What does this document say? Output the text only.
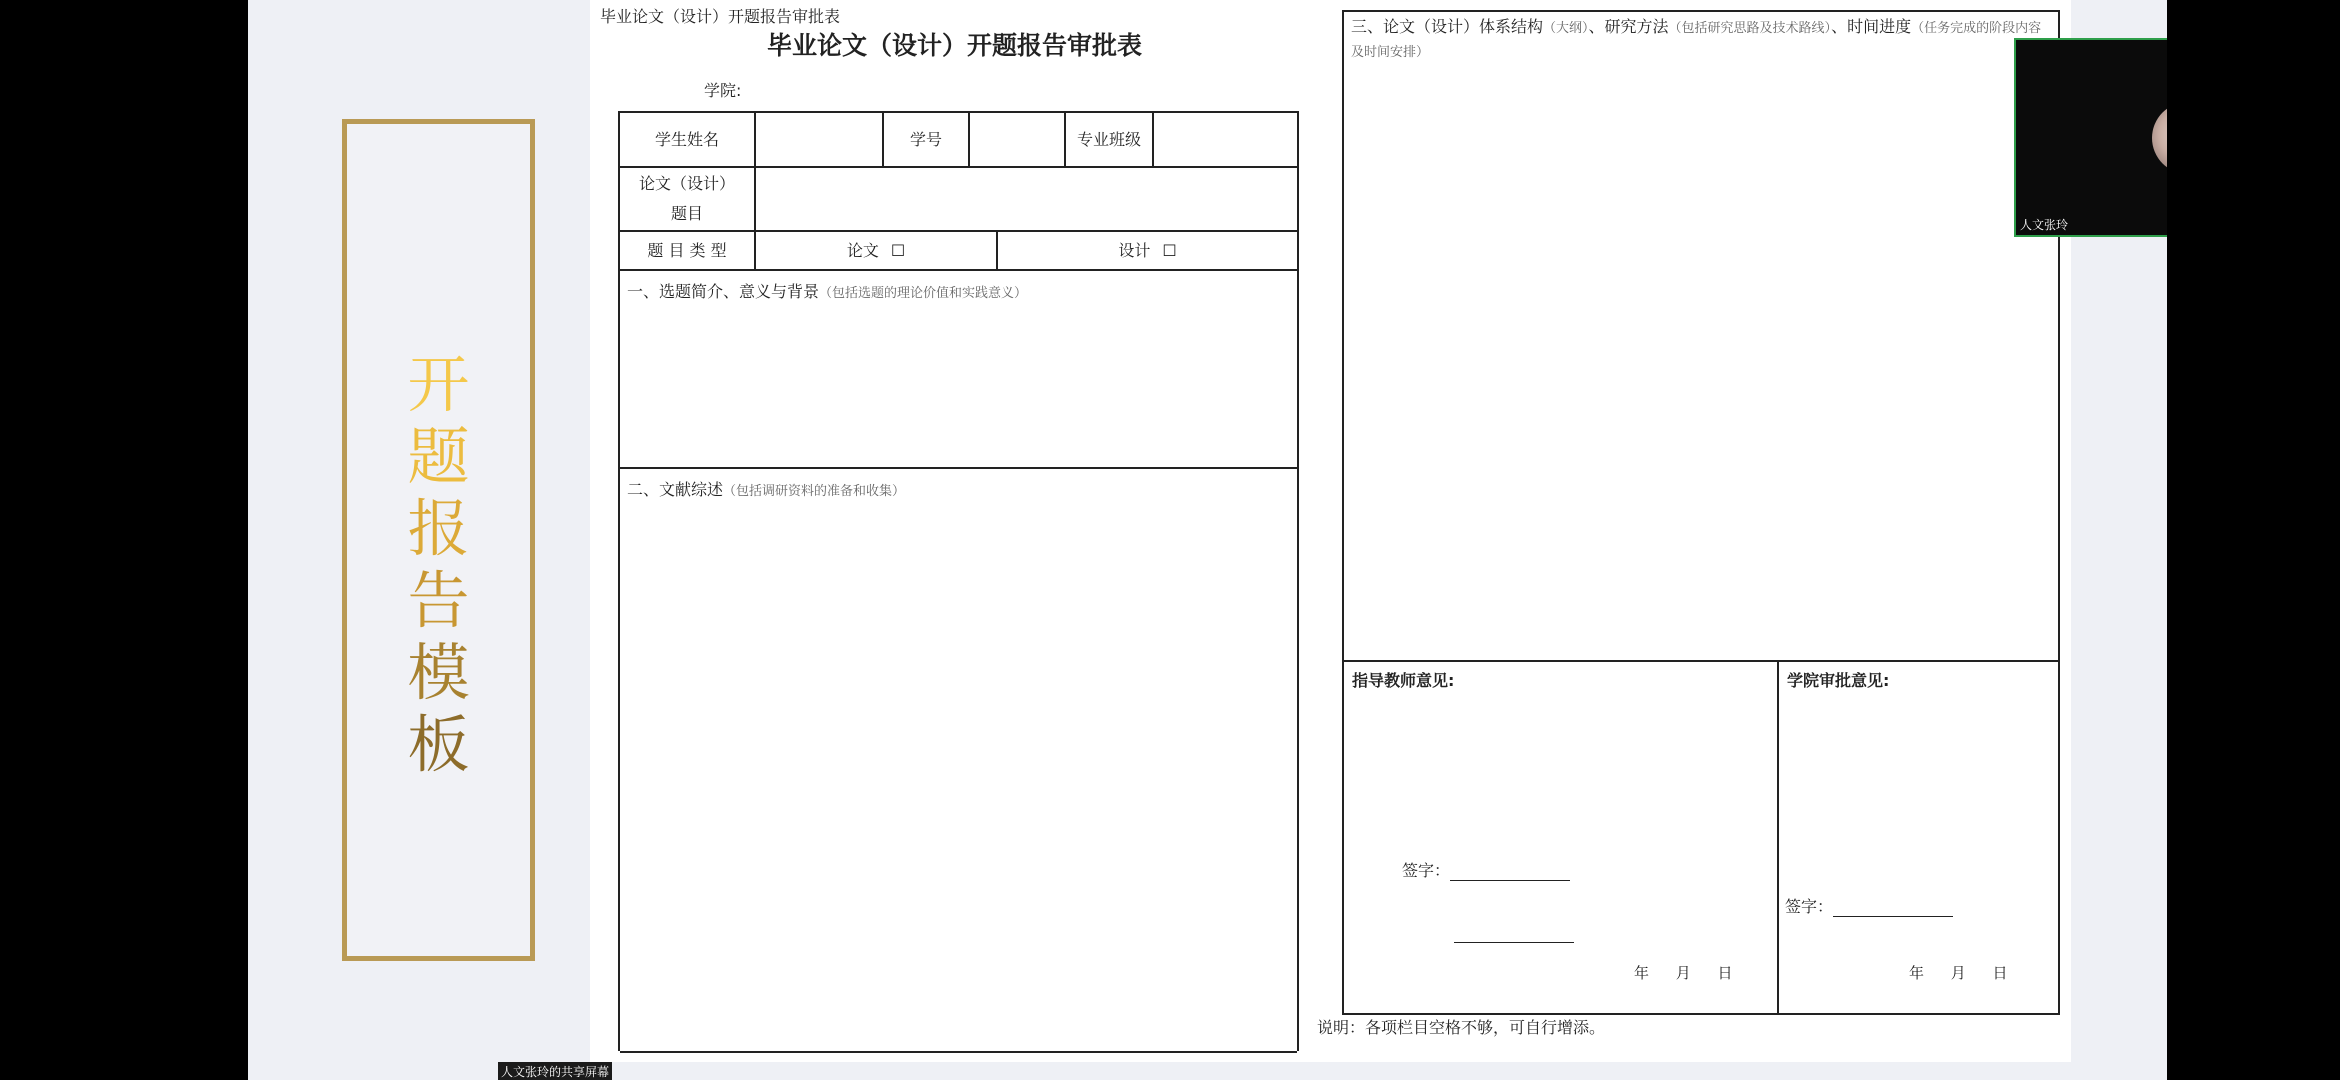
开
题
报
告
模
板
毕业论文（设计）开题报告审批表
毕业论文（设计）开题报告审批表
学院:
学生姓名	学号	专业班级
论文（设计）
题目
题 目 类 型	论文 ☐	设计 ☐
一、选题简介、意义与背景（包括选题的理论价值和实践意义）
二、文献综述（包括调研资料的准备和收集）
三、论文（设计）体系结构（大纲）、研究方法（包括研究思路及技术路线）、时间进度（任务完成的阶段内容及时间安排）
指导教师意见:
签字：
年 月 日
学院审批意见:
签字：
年 月 日
说明：各项栏目空格不够，可自行增添。
人文张玲
人文张玲的共享屏幕
